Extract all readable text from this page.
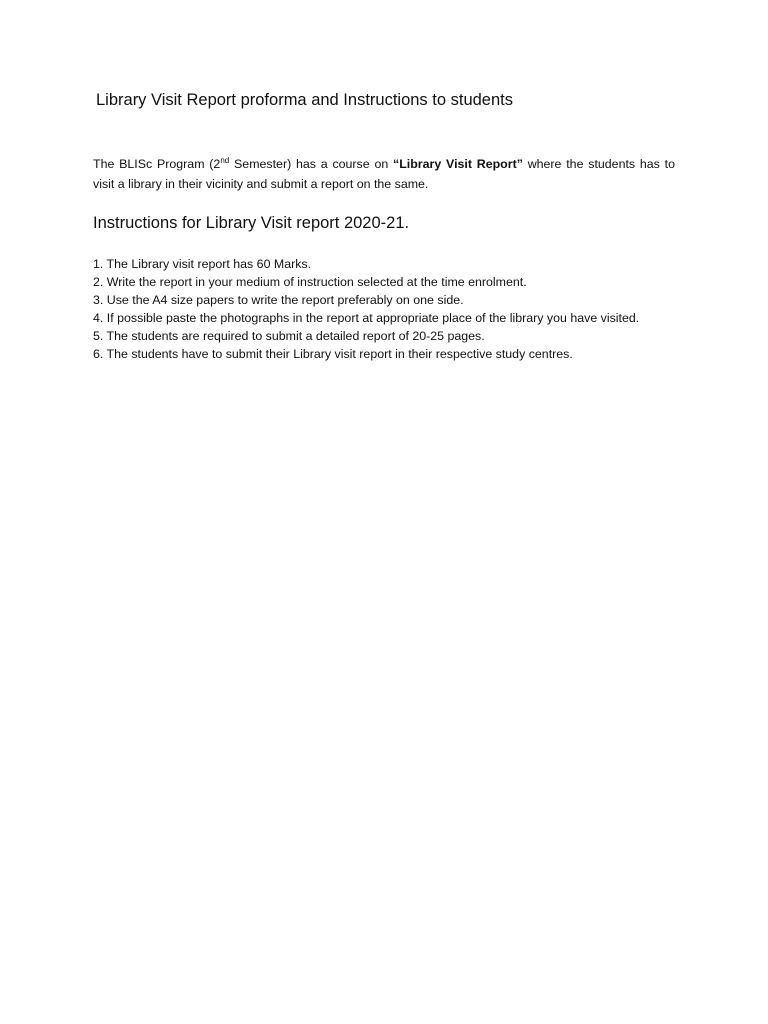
Library Visit Report proforma and Instructions to students

The BLISc Program (2nd Semester) has a course on “Library Visit Report” where the students has to visit a library in their vicinity and submit a report on the same.

Instructions for Library Visit report 2020-21.
1. The Library visit report has 60 Marks.
2. Write the report in your medium of instruction selected at the time enrolment.
3. Use the A4 size papers to write the report preferably on one side.
4. If possible paste the photographs in the report at appropriate place of the library you have visited.
5. The students are required to submit a detailed report of 20-25 pages.
6. The students have to submit their Library visit report in their respective study centres.
